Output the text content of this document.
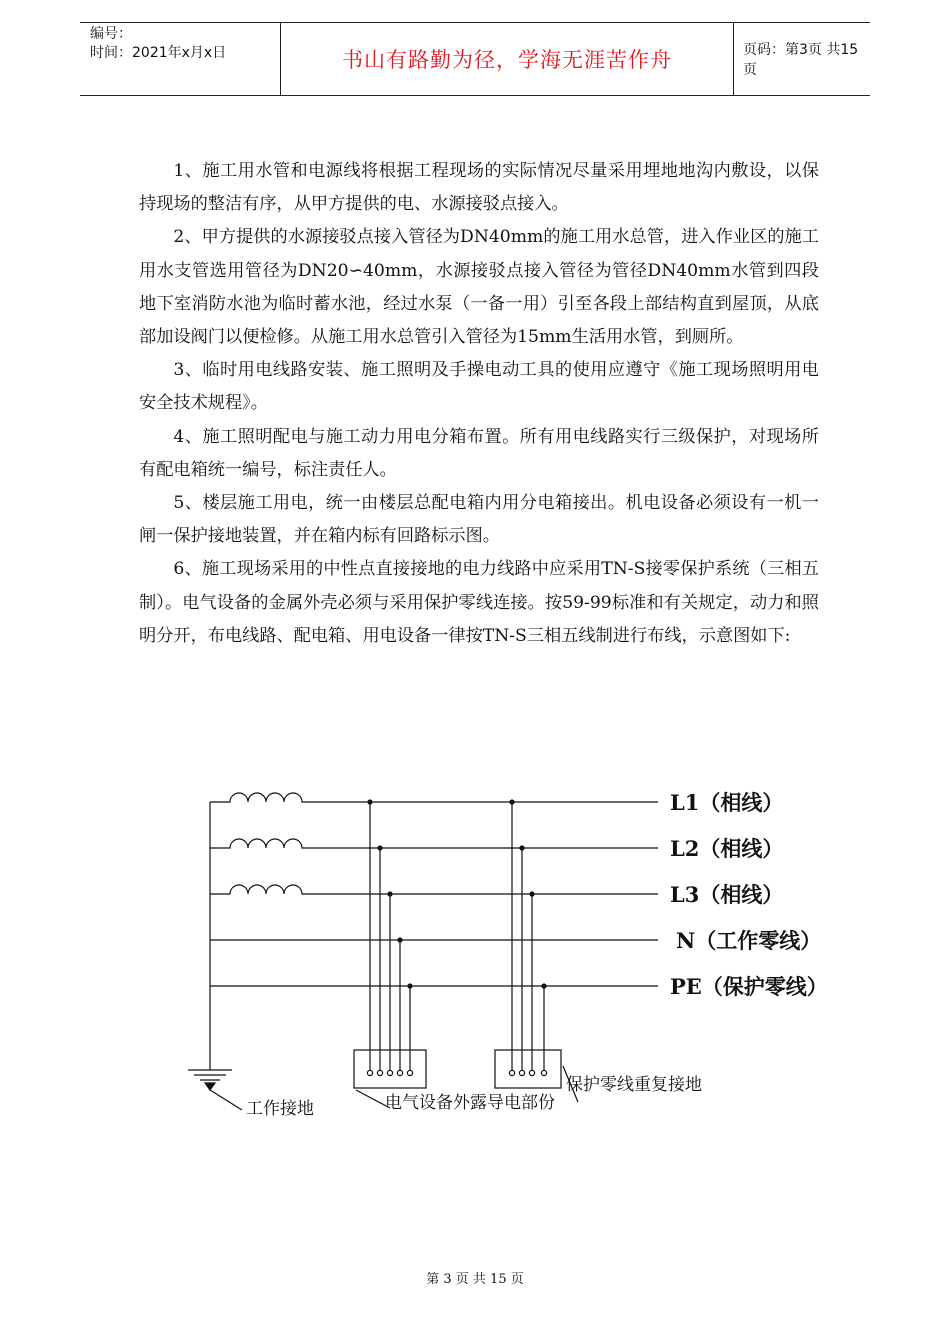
编号：
时间：2021年x月x日	书山有路勤为径，学海无涯苦作舟	页码：第3页 共15页

1、施工用水管和电源线将根据工程现场的实际情况尽量采用埋地地沟内敷设，以保持现场的整洁有序，从甲方提供的电、水源接驳点接入。

2、甲方提供的水源接驳点接入管径为DN40mm的施工用水总管，进入作业区的施工用水支管选用管径为DN20∽40mm，水源接驳点接入管径为管径DN40mm水管到四段地下室消防水池为临时蓄水池，经过水泵（一备一用）引至各段上部结构直到屋顶，从底部加设阀门以便检修。从施工用水总管引入管径为15mm生活用水管，到厕所。

3、临时用电线路安装、施工照明及手操电动工具的使用应遵守《施工现场照明用电安全技术规程》。

4、施工照明配电与施工动力用电分箱布置。所有用电线路实行三级保护，对现场所有配电箱统一编号，标注责任人。

5、楼层施工用电，统一由楼层总配电箱内用分电箱接出。机电设备必须设有一机一闸一保护接地装置，并在箱内标有回路标示图。

6、施工现场采用的中性点直接接地的电力线路中应采用TN-S接零保护系统（三相五制）。电气设备的金属外壳必须与采用保护零线连接。按59-99标准和有关规定，动力和照明分开，布电线路、配电箱、用电设备一律按TN-S三相五线制进行布线，示意图如下:

L1（相线）
L2（相线）
L3（相线）
N（工作零线）
PE（保护零线）
工作接地	电气设备外露导电部份
保护零线重复接地
第 3 页 共 15 页
